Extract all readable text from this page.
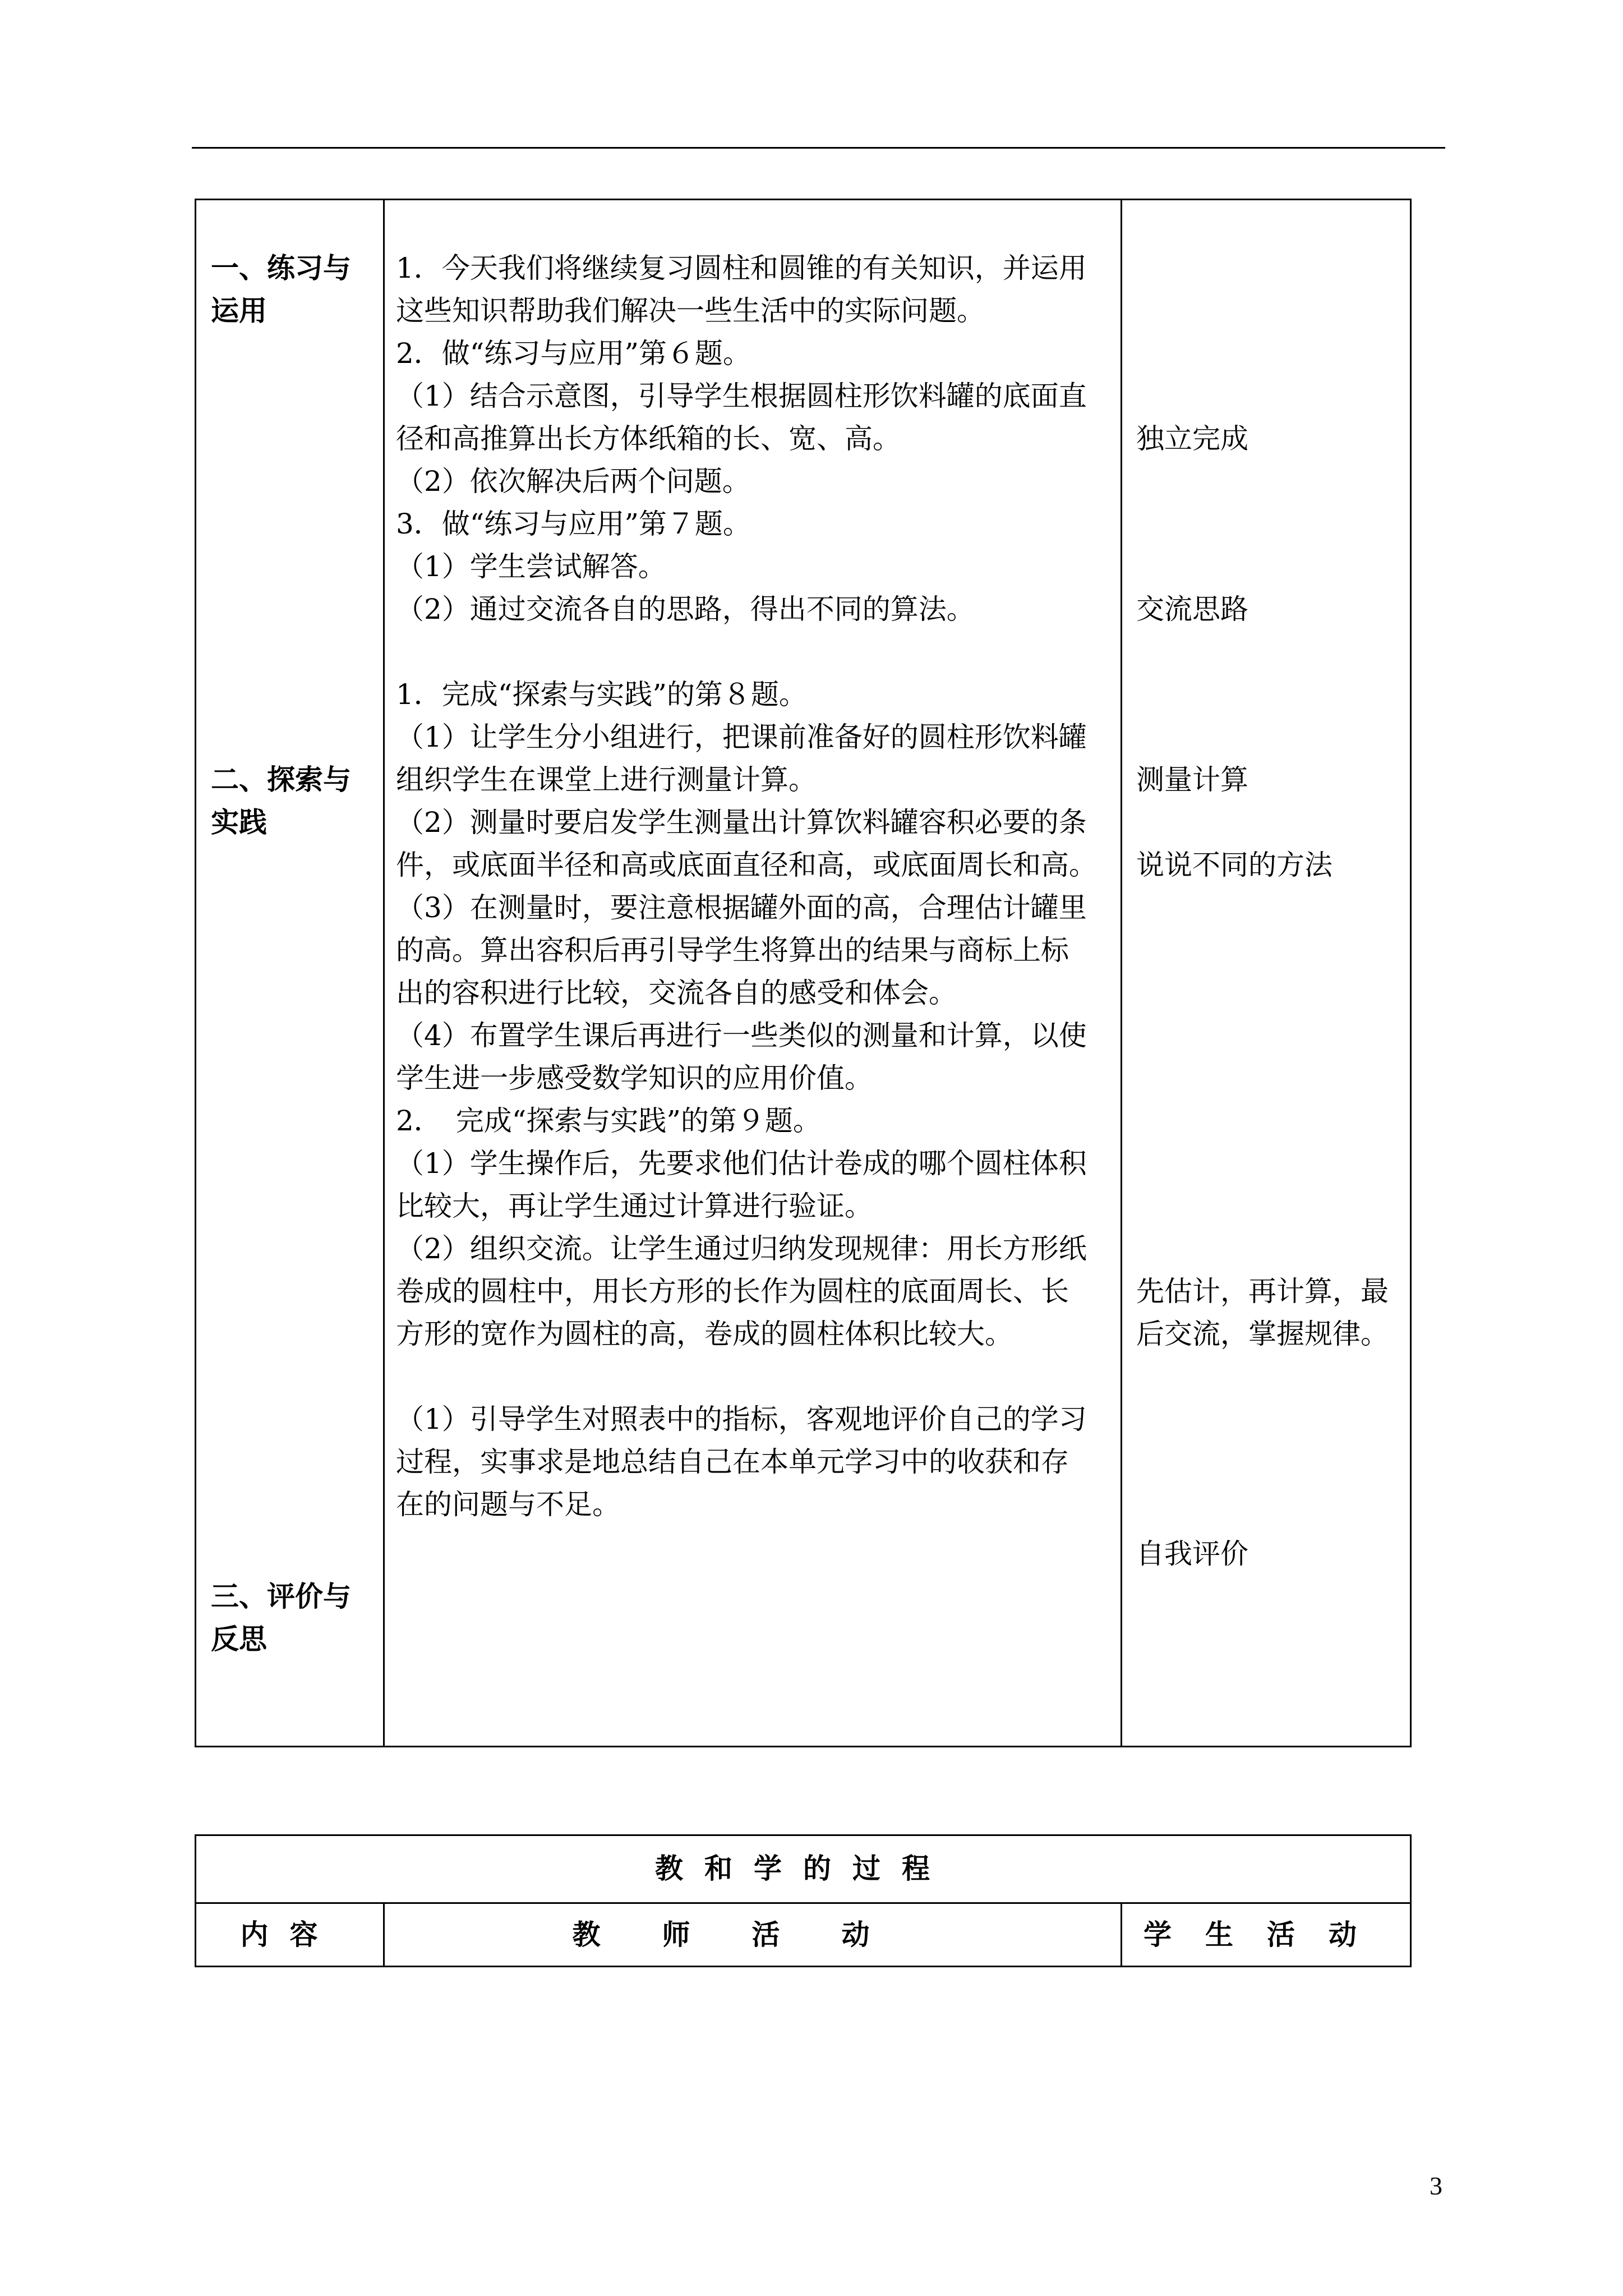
一、练习与
运用
二、探索与
实践
三、评价与
反思
1．今天我们将继续复习圆柱和圆锥的有关知识，并运用
这些知识帮助我们解决一些生活中的实际问题。
2．做“练习与应用”第６题。
（1）结合示意图，引导学生根据圆柱形饮料罐的底面直
径和高推算出长方体纸箱的长、宽、高。
（2）依次解决后两个问题。
3．做“练习与应用”第７题。
（1）学生尝试解答。
（2）通过交流各自的思路，得出不同的算法。
1．完成“探索与实践”的第８题。
（1）让学生分小组进行，把课前准备好的圆柱形饮料罐
组织学生在课堂上进行测量计算。
（2）测量时要启发学生测量出计算饮料罐容积必要的条
件，或底面半径和高或底面直径和高，或底面周长和高。
（3）在测量时，要注意根据罐外面的高，合理估计罐里
的高。算出容积后再引导学生将算出的结果与商标上标
出的容积进行比较，交流各自的感受和体会。
（4）布置学生课后再进行一些类似的测量和计算，以使
学生进一步感受数学知识的应用价值。
2．　完成“探索与实践”的第９题。
（1）学生操作后，先要求他们估计卷成的哪个圆柱体积
比较大，再让学生通过计算进行验证。
（2）组织交流。让学生通过归纳发现规律：用长方形纸
卷成的圆柱中，用长方形的长作为圆柱的底面周长、长
方形的宽作为圆柱的高，卷成的圆柱体积比较大。
（1）引导学生对照表中的指标，客观地评价自己的学习
过程，实事求是地总结自己在本单元学习中的收获和存
在的问题与不足。
独立完成
交流思路
测量计算
说说不同的方法
先估计，再计算，最
后交流，掌握规律。
自我评价
教和学的过程
内容	教师活动	学生活动
3
